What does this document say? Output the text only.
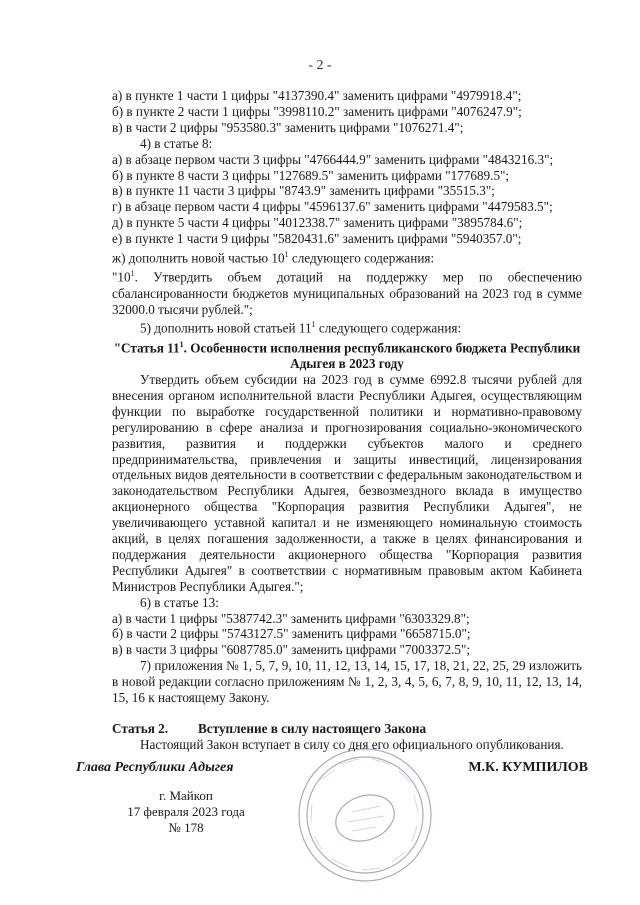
- 2 -

а) в пункте 1 части 1 цифры "4137390.4" заменить цифрами "4979918.4";

б) в пункте 2 части 1 цифры "3998110.2" заменить цифрами "4076247.9";

в) в части 2 цифры "953580.3" заменить цифрами "1076271.4";

4) в статье 8:

а) в абзаце первом части 3 цифры "4766444.9" заменить цифрами "4843216.3";

б) в пункте 8 части 3 цифры "127689.5" заменить цифрами "177689.5";

в) в пункте 11 части 3 цифры "8743.9" заменить цифрами "35515.3";

г) в абзаце первом части 4 цифры "4596137.6" заменить цифрами "4479583.5";

д) в пункте 5 части 4 цифры "4012338.7" заменить цифрами "3895784.6";

е) в пункте 1 части 9 цифры "5820431.6" заменить цифрами "5940357.0";

ж) дополнить новой частью $10^1$ следующего содержания:

"$10^1$. Утвердить объем дотаций на поддержку мер по обеспечению сбалансированности бюджетов муниципальных образований на 2023 год в сумме 32000.0 тысячи рублей.";

5) дополнить новой статьей $11^1$ следующего содержания:

"Статья $11^1$. Особенности исполнения республиканского бюджета Республики Адыгея в 2023 году

Утвердить объем субсидии на 2023 год в сумме 6992.8 тысячи рублей для внесения органом исполнительной власти Республики Адыгея, осуществляющим функции по выработке государственной политики и нормативно-правовому регулированию в сфере анализа и прогнозирования социально-экономического развития, развития и поддержки субъектов малого и среднего предпринимательства, привлечения и защиты инвестиций, лицензирования отдельных видов деятельности в соответствии с федеральным законодательством и законодательством Республики Адыгея, безвозмездного вклада в имущество акционерного общества "Корпорация развития Республики Адыгея", не увеличивающего уставной капитал и не изменяющего номинальную стоимость акций, в целях погашения задолженности, а также в целях финансирования и поддержания деятельности акционерного общества "Корпорация развития Республики Адыгея" в соответствии с нормативным правовым актом Кабинета Министров Республики Адыгея.";

6) в статье 13:

а) в части 1 цифры "5387742.3" заменить цифрами "6303329.8";

б) в части 2 цифры "5743127.5" заменить цифрами "6658715.0";

в) в части 3 цифры "6087785.0" заменить цифрами "7003372.5";

7) приложения № 1, 5, 7, 9, 10, 11, 12, 13, 14, 15, 17, 18, 21, 22, 25, 29 изложить в новой редакции согласно приложениям № 1, 2, 3, 4, 5, 6, 7, 8, 9, 10, 11, 12, 13, 14, 15, 16 к настоящему Закону.

Статья 2. Вступление в силу настоящего Закона

Настоящий Закон вступает в силу со дня его официального опубликования.

Глава Республики Адыгея	М.К. КУМПИЛОВ
г. Майкоп
17 февраля 2023 года
№ 178
